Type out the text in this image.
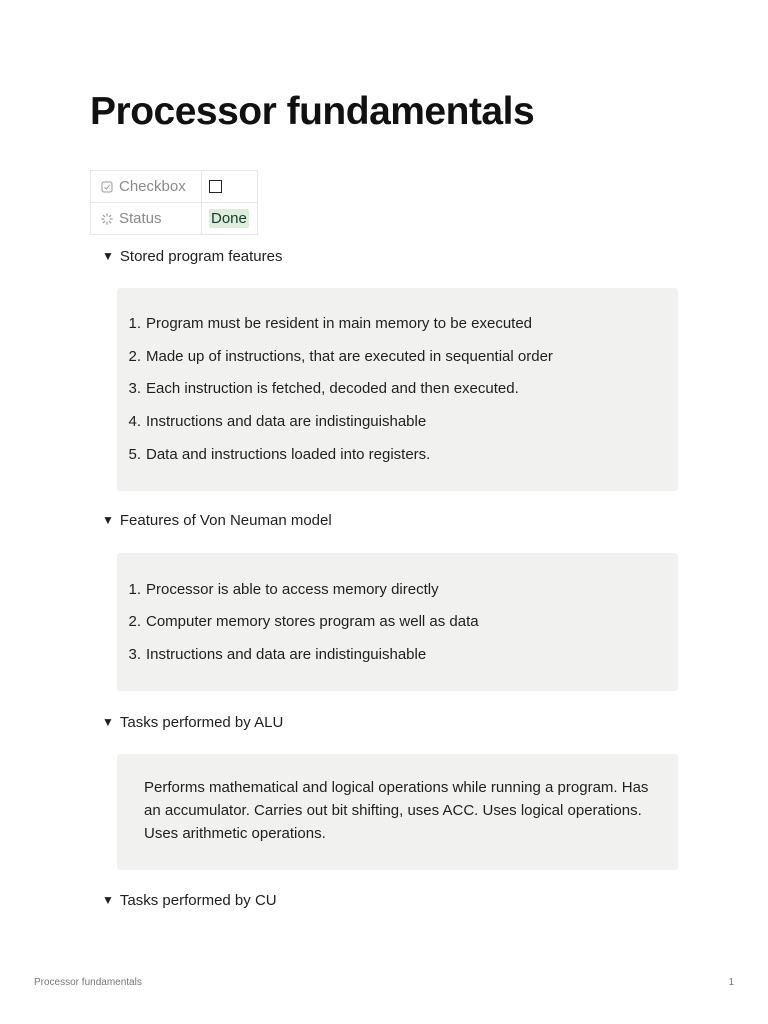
Processor fundamentals
Checkbox	
Status	Done
▼ Stored program features
1. Program must be resident in main memory to be executed
2. Made up of instructions, that are executed in sequential order
3. Each instruction is fetched, decoded and then executed.
4. Instructions and data are indistinguishable
5. Data and instructions loaded into registers.
▼ Features of Von Neuman model
1. Processor is able to access memory directly
2. Computer memory stores program as well as data
3. Instructions and data are indistinguishable
▼ Tasks performed by ALU

Performs mathematical and logical operations while running a program. Has an accumulator. Carries out bit shifting, uses ACC. Uses logical operations. Uses arithmetic operations.

▼ Tasks performed by CU
Processor fundamentals	1
